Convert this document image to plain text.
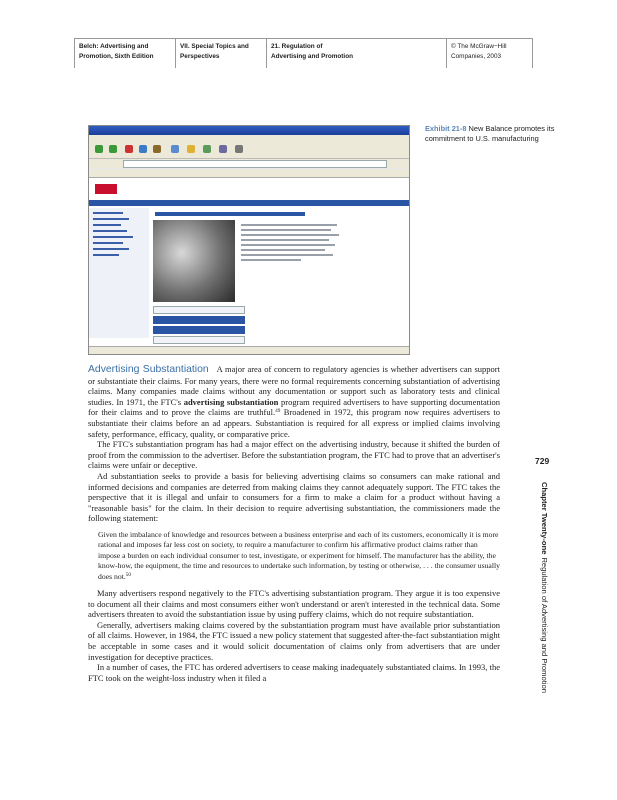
Belch: Advertising and
Promotion, Sixth Edition
VII. Special Topics and
Perspectives
21. Regulation of
Advertising and Promotion
© The McGraw−Hill
Companies, 2003
Exhibit 21-8 New Balance promotes its commitment to U.S. manufacturing

Advertising Substantiation A major area of concern to regulatory agencies is whether advertisers can support or substantiate their claims. For many years, there were no formal requirements concerning substantiation of advertising claims. Many companies made claims without any documentation or support such as laboratory tests and clinical studies. In 1971, the FTC's advertising substantiation program required advertisers to have supporting documentation for their claims and to prove the claims are truthful.$^{49}$ Broadened in 1972, this program now requires advertisers to substantiate their claims before an ad appears. Substantiation is required for all express or implied claims involving safety, performance, efficacy, quality, or comparative price.

The FTC's substantiation program has had a major effect on the advertising industry, because it shifted the burden of proof from the commission to the advertiser. Before the substantiation program, the FTC had to prove that an advertiser's claims were unfair or deceptive.

Ad substantiation seeks to provide a basis for believing advertising claims so consumers can make rational and informed decisions and companies are deterred from making claims they cannot adequately support. The FTC takes the perspective that it is illegal and unfair to consumers for a firm to make a claim for a product without having a "reasonable basis" for the claim. In their decision to require advertising substantiation, the commissioners made the following statement:

Given the imbalance of knowledge and resources between a business enterprise and each of its customers, economically it is more rational and imposes far less cost on society, to require a manufacturer to confirm his affirmative product claims rather than impose a burden on each individual consumer to test, investigate, or experiment for himself. The manufacturer has the ability, the know-how, the equipment, the time and resources to undertake such information, by testing or otherwise, . . . the consumer usually does not.$^{50}$

Many advertisers respond negatively to the FTC's advertising substantiation program. They argue it is too expensive to document all their claims and most consumers either won't understand or aren't interested in the technical data. Some advertisers threaten to avoid the substantiation issue by using puffery claims, which do not require substantiation.

Generally, advertisers making claims covered by the substantiation program must have available prior substantiation of all claims. However, in 1984, the FTC issued a new policy statement that suggested after-the-fact substantiation might be acceptable in some cases and it would solicit documentation of claims only from advertisers that are under investigation for deceptive practices.

In a number of cases, the FTC has ordered advertisers to cease making inadequately substantiated claims. In 1993, the FTC took on the weight-loss industry when it filed a

729
Chapter Twenty-oneRegulation of Advertising and Promotion
